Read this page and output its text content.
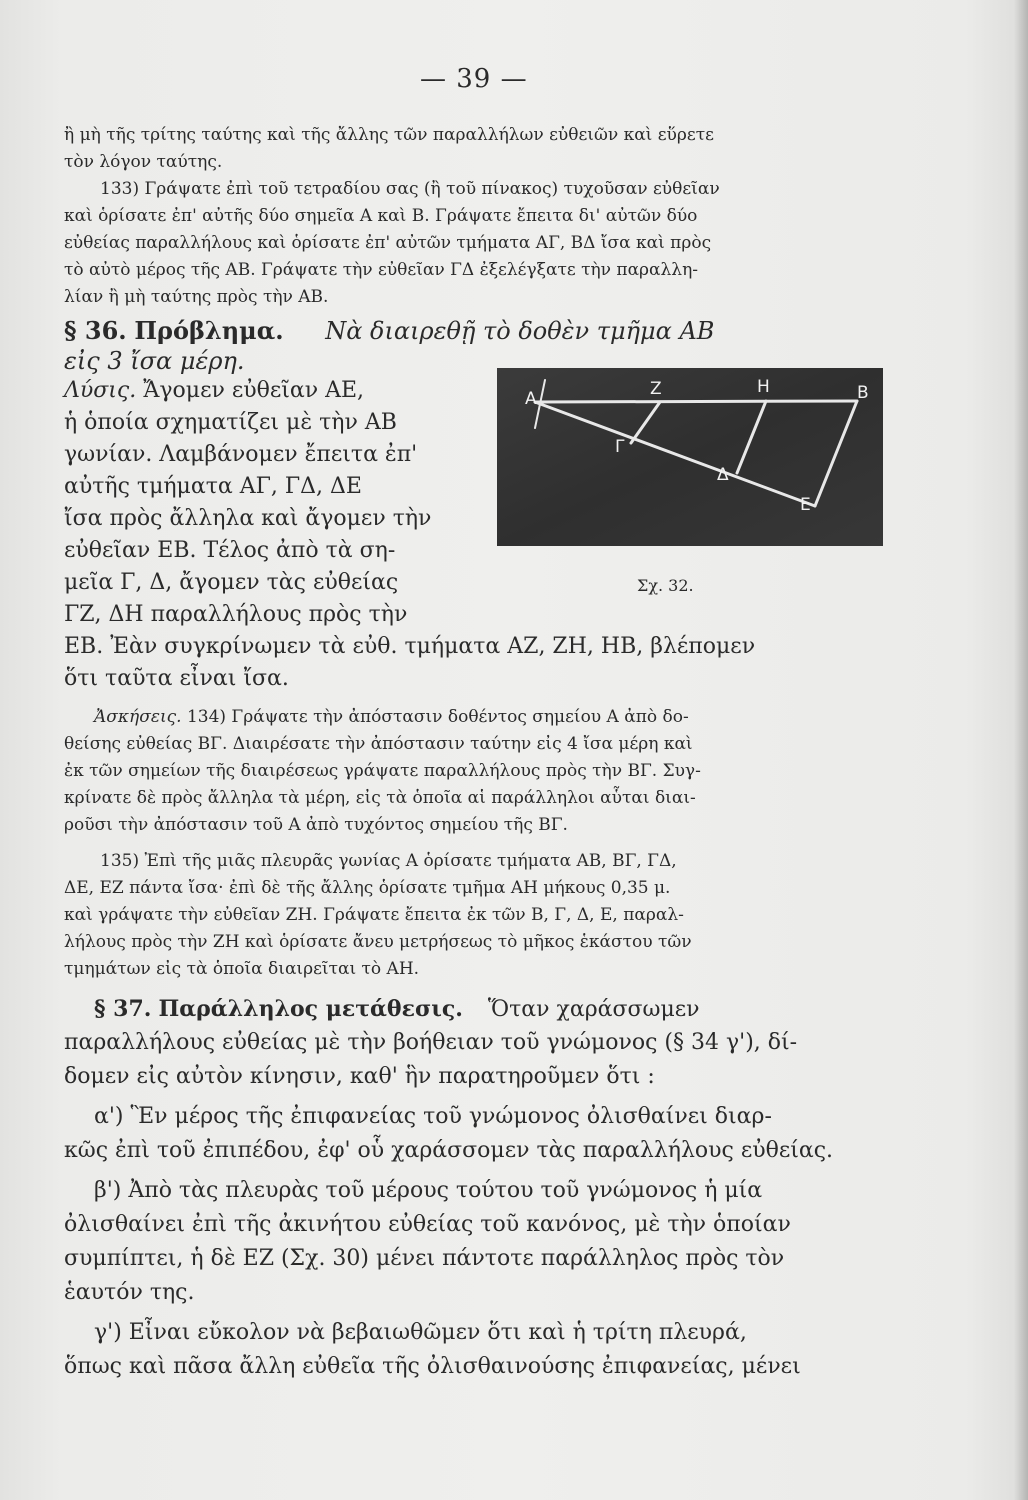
— 39 —
ἢ μὴ τῆς τρίτης ταύτης καὶ τῆς ἄλλης τῶν παραλλήλων εὐθειῶν καὶ εὕρετε
τὸν λόγον ταύτης.
133) Γράψατε ἐπὶ τοῦ τετραδίου σας (ἢ τοῦ πίνακος) τυχοῦσαν εὐθεῖαν
καὶ ὁρίσατε ἐπ' αὐτῆς δύο σημεῖα Α καὶ Β. Γράψατε ἔπειτα δι' αὐτῶν δύο
εὐθείας παραλλήλους καὶ ὁρίσατε ἐπ' αὐτῶν τμήματα ΑΓ, ΒΔ ἴσα καὶ πρὸς
τὸ αὐτὸ μέρος τῆς ΑΒ. Γράψατε τὴν εὐθεῖαν ΓΔ ἐξελέγξατε τὴν παραλλη-
λίαν ἢ μὴ ταύτης πρὸς τὴν ΑΒ.
§ 36. Πρόβλημα. Νὰ διαιρεθῇ τὸ δοθὲν τμῆμα ΑΒ
εἰς 3 ἴσα μέρη.
Λύσις. Ἄγομεν εὐθεῖαν ΑΕ,
ἡ ὁποία σχηματίζει μὲ τὴν ΑΒ
γωνίαν. Λαμβάνομεν ἔπειτα ἐπ'
αὐτῆς τμήματα ΑΓ, ΓΔ, ΔΕ
ἴσα πρὸς ἄλληλα καὶ ἄγομεν τὴν
εὐθεῖαν ΕΒ. Τέλος ἀπὸ τὰ ση-
μεῖα Γ, Δ, ἄγομεν τὰς εὐθείας
ΓΖ, ΔΗ παραλλήλους πρὸς τὴν
ΕΒ. Ἐὰν συγκρίνωμεν τὰ εὐθ. τμήματα ΑΖ, ΖΗ, ΗΒ, βλέπομεν
ὅτι ταῦτα εἶναι ἴσα.
Α	Ζ	Η	Β
Γ
Δ
Ε
Σχ. 32.
Ἀσκήσεις. 134) Γράψατε τὴν ἀπόστασιν δοθέντος σημείου Α ἀπὸ δο-
θείσης εὐθείας ΒΓ. Διαιρέσατε τὴν ἀπόστασιν ταύτην εἰς 4 ἴσα μέρη καὶ
ἐκ τῶν σημείων τῆς διαιρέσεως γράψατε παραλλήλους πρὸς τὴν ΒΓ. Συγ-
κρίνατε δὲ πρὸς ἄλληλα τὰ μέρη, εἰς τὰ ὁποῖα αἱ παράλληλοι αὗται διαι-
ροῦσι τὴν ἀπόστασιν τοῦ Α ἀπὸ τυχόντος σημείου τῆς ΒΓ.
135) Ἐπὶ τῆς μιᾶς πλευρᾶς γωνίας Α ὁρίσατε τμήματα ΑΒ, ΒΓ, ΓΔ,
ΔΕ, ΕΖ πάντα ἴσα· ἐπὶ δὲ τῆς ἄλλης ὁρίσατε τμῆμα ΑΗ μήκους 0,35 μ.
καὶ γράψατε τὴν εὐθεῖαν ΖΗ. Γράψατε ἔπειτα ἐκ τῶν Β, Γ, Δ, Ε, παραλ-
λήλους πρὸς τὴν ΖΗ καὶ ὁρίσατε ἄνευ μετρήσεως τὸ μῆκος ἑκάστου τῶν
τμημάτων εἰς τὰ ὁποῖα διαιρεῖται τὸ ΑΗ.
§ 37. Παράλληλος μετάθεσις. Ὅταν χαράσσωμεν
παραλλήλους εὐθείας μὲ τὴν βοήθειαν τοῦ γνώμονος (§ 34 γ'), δί-
δομεν εἰς αὐτὸν κίνησιν, καθ' ἣν παρατηροῦμεν ὅτι :
α') Ἓν μέρος τῆς ἐπιφανείας τοῦ γνώμονος ὀλισθαίνει διαρ-
κῶς ἐπὶ τοῦ ἐπιπέδου, ἐφ' οὗ χαράσσομεν τὰς παραλλήλους εὐθείας.
β') Ἀπὸ τὰς πλευρὰς τοῦ μέρους τούτου τοῦ γνώμονος ἡ μία
ὀλισθαίνει ἐπὶ τῆς ἀκινήτου εὐθείας τοῦ κανόνος, μὲ τὴν ὁποίαν
συμπίπτει, ἡ δὲ ΕΖ (Σχ. 30) μένει πάντοτε παράλληλος πρὸς τὸν
ἑαυτόν της.
γ') Εἶναι εὔκολον νὰ βεβαιωθῶμεν ὅτι καὶ ἡ τρίτη πλευρά,
ὅπως καὶ πᾶσα ἄλλη εὐθεῖα τῆς ὀλισθαινούσης ἐπιφανείας, μένει
